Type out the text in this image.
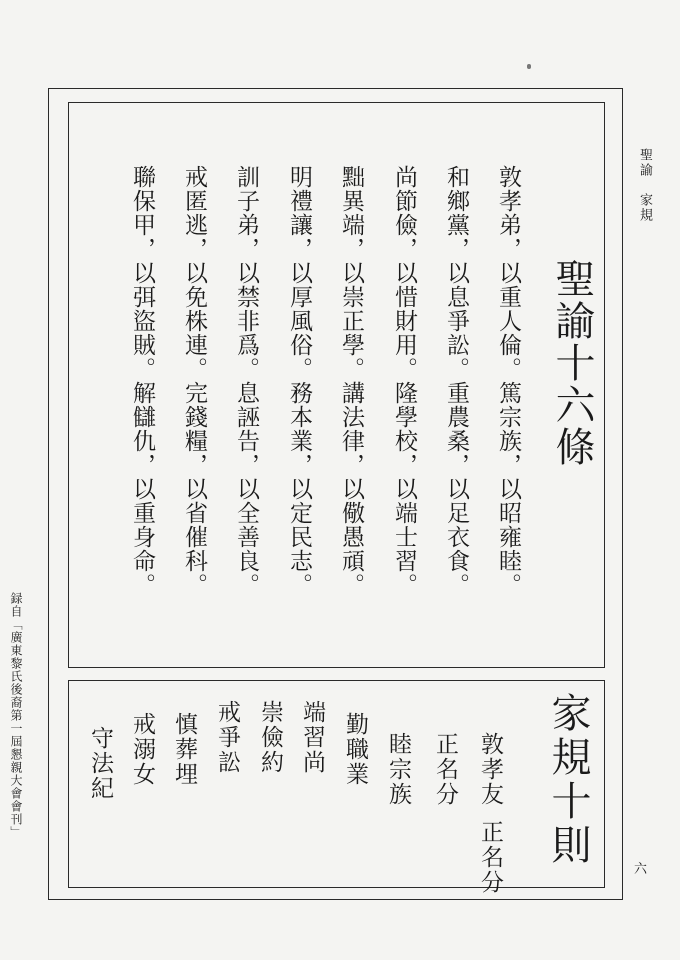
聖諭　家規
聖諭十六條
敦孝弟，以重人倫。篤宗族，以昭雍睦。
和鄉黨，以息爭訟。重農桑，以足衣食。
尚節儉，以惜財用。隆學校，以端士習。
黜異端，以崇正學。講法律，以儆愚頑。
明禮讓，以厚風俗。務本業，以定民志。
訓子弟，以禁非爲。息誣告，以全善良。
戒匿逃，以免株連。完錢糧，以省催科。
聯保甲，以弭盜賊。解讎仇，以重身命。
家規十則
敦孝友
正名分
正名分
睦宗族
勤職業
端習尚
崇儉約
戒爭訟
慎葬埋
戒溺女
守法紀
六
録自「廣東黎氏後裔第一屆懇親大會會刊」
